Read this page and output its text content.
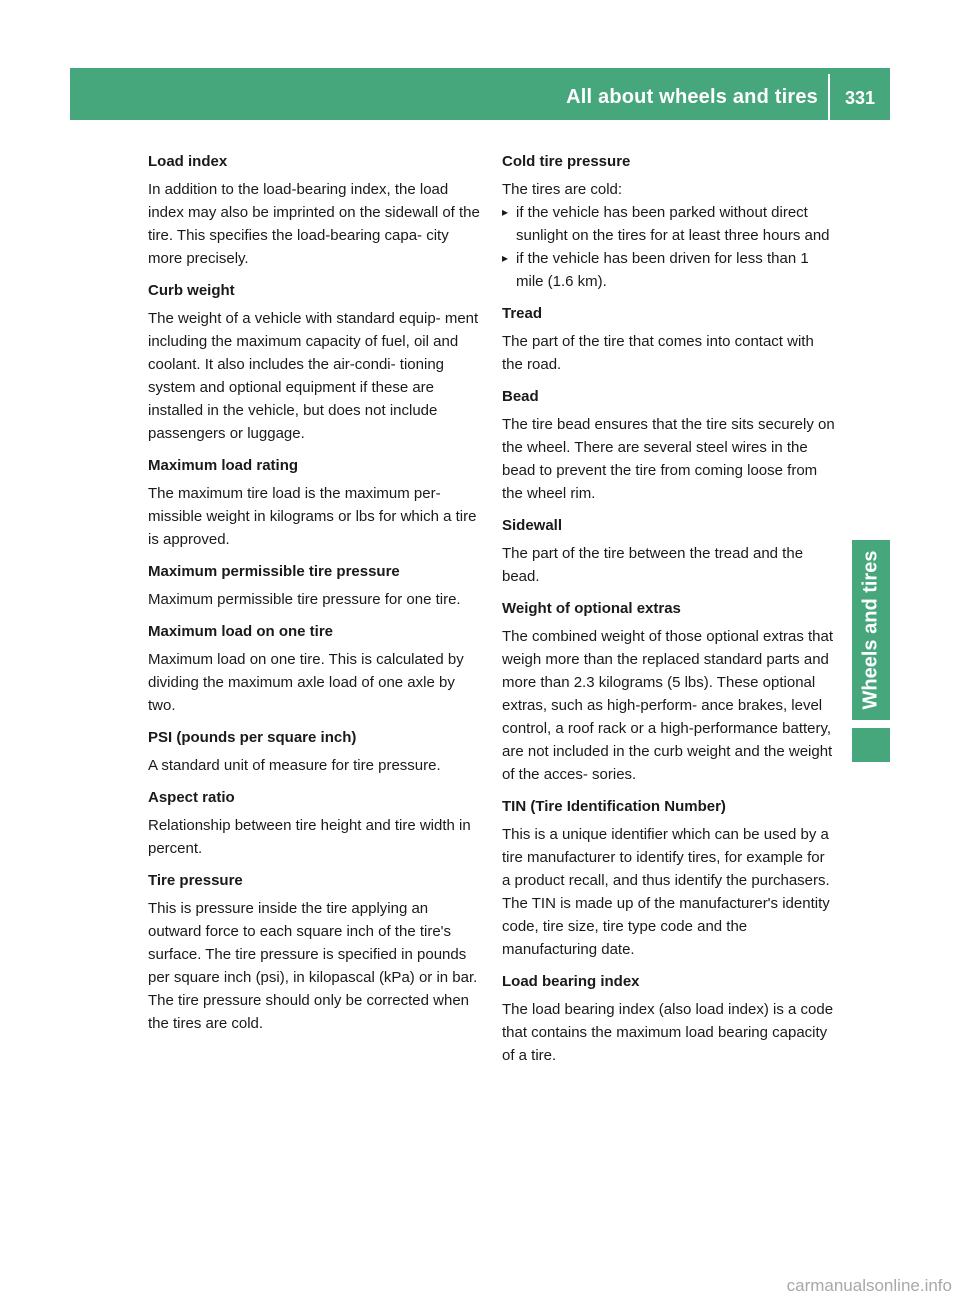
All about wheels and tires	331
Wheels and tires
Load index

In addition to the load-bearing index, the load index may also be imprinted on the sidewall of the tire. This specifies the load-bearing capa- city more precisely.

Curb weight

The weight of a vehicle with standard equip- ment including the maximum capacity of fuel, oil and coolant. It also includes the air-condi- tioning system and optional equipment if these are installed in the vehicle, but does not include passengers or luggage.

Maximum load rating

The maximum tire load is the maximum per- missible weight in kilograms or lbs for which a tire is approved.

Maximum permissible tire pressure

Maximum permissible tire pressure for one tire.

Maximum load on one tire

Maximum load on one tire. This is calculated by dividing the maximum axle load of one axle by two.

PSI (pounds per square inch)

A standard unit of measure for tire pressure.

Aspect ratio

Relationship between tire height and tire width in percent.

Tire pressure

This is pressure inside the tire applying an outward force to each square inch of the tire's surface. The tire pressure is specified in pounds per square inch (psi), in kilopascal (kPa) or in bar. The tire pressure should only be corrected when the tires are cold.

Cold tire pressure

The tires are cold:

▸ if the vehicle has been parked without direct sunlight on the tires for at least three hours and
▸ if the vehicle has been driven for less than 1 mile (1.6 km).
Tread

The part of the tire that comes into contact with the road.

Bead

The tire bead ensures that the tire sits securely on the wheel. There are several steel wires in the bead to prevent the tire from coming loose from the wheel rim.

Sidewall

The part of the tire between the tread and the bead.

Weight of optional extras

The combined weight of those optional extras that weigh more than the replaced standard parts and more than 2.3 kilograms (5 lbs). These optional extras, such as high-perform- ance brakes, level control, a roof rack or a high-performance battery, are not included in the curb weight and the weight of the acces- sories.

TIN (Tire Identification Number)

This is a unique identifier which can be used by a tire manufacturer to identify tires, for example for a product recall, and thus identify the purchasers. The TIN is made up of the manufacturer's identity code, tire size, tire type code and the manufacturing date.

Load bearing index

The load bearing index (also load index) is a code that contains the maximum load bearing capacity of a tire.

carmanualsonline.info
